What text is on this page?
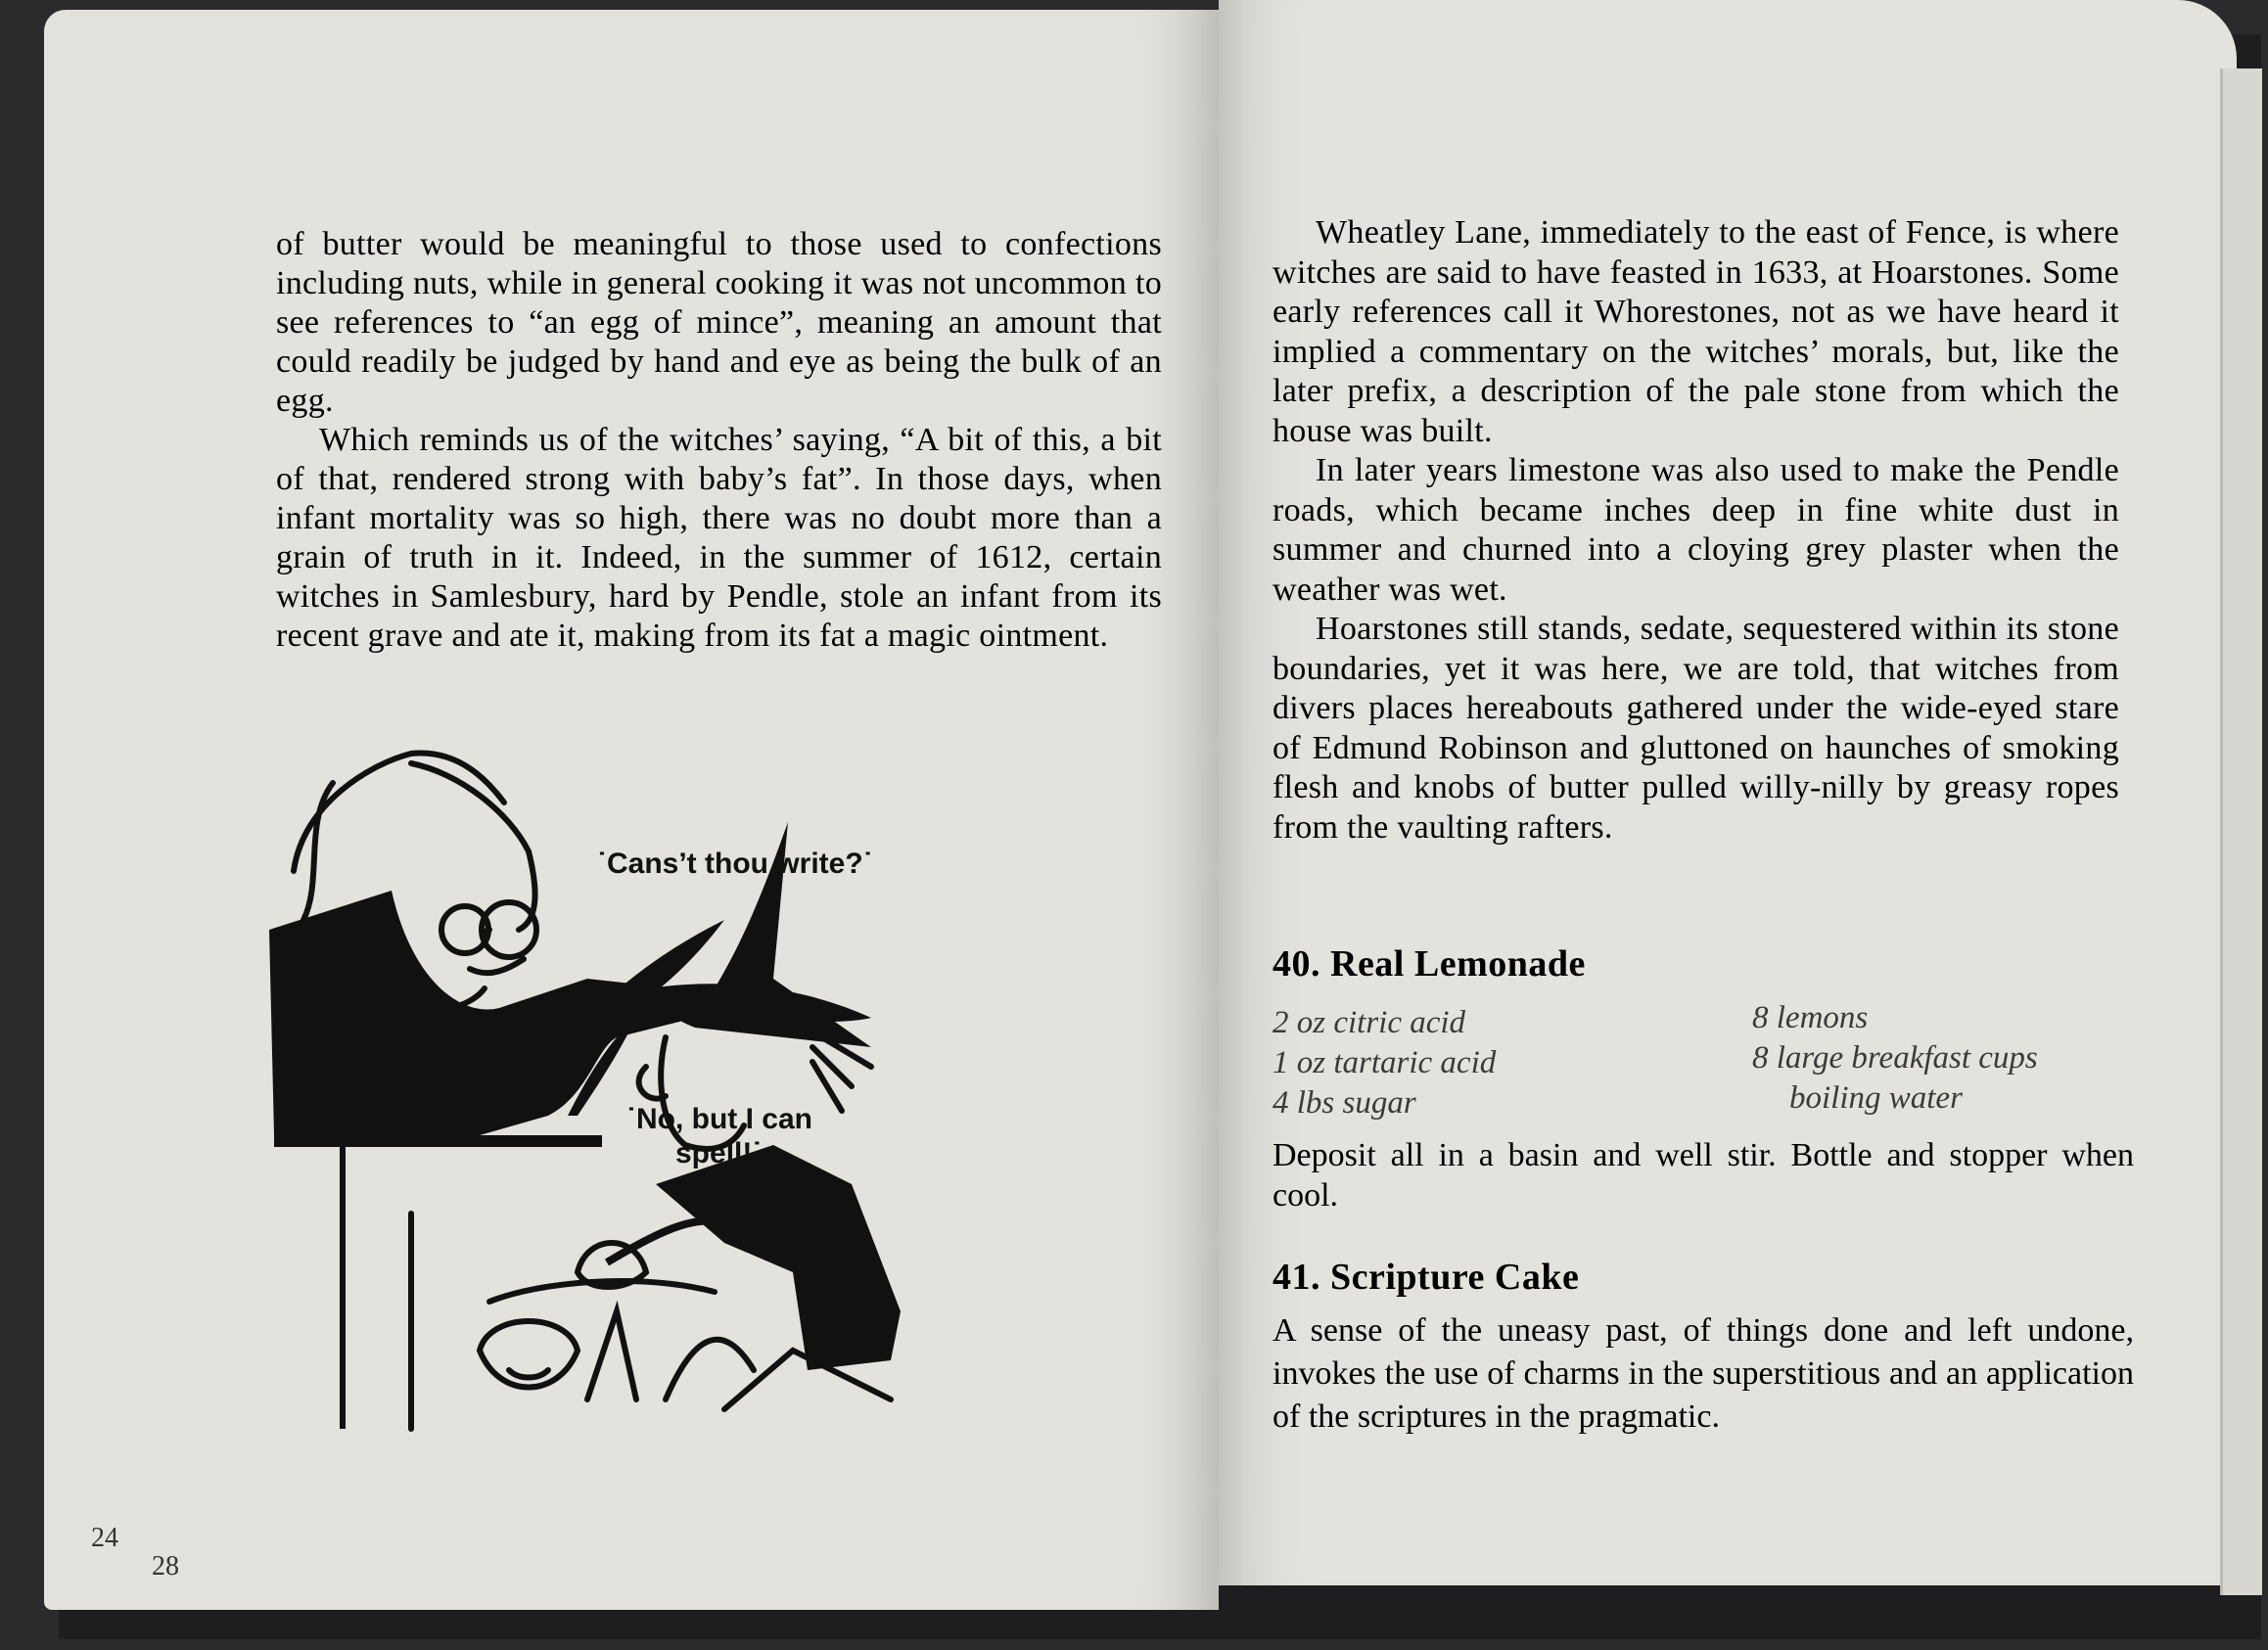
of butter would be meaningful to those used to confections including nuts, while in general cooking it was not uncommon to see references to “an egg of mince”, meaning an amount that could readily be judged by hand and eye as being the bulk of an egg.

Which reminds us of the witches’ saying, “A bit of this, a bit of that, rendered strong with baby’s fat”. In those days, when infant mortality was so high, there was no doubt more than a grain of truth in it. Indeed, in the summer of 1612, certain witches in Samlesbury, hard by Pendle, stole an infant from its recent grave and ate it, making from its fat a magic ointment.

˙Cans’t thou write?˙
˙No, but I can
spell!˙
24
28

Wheatley Lane, immediately to the east of Fence, is where witches are said to have feasted in 1633, at Hoarstones. Some early references call it Whorestones, not as we have heard it implied a commentary on the witches’ morals, but, like the later prefix, a description of the pale stone from which the house was built.

In later years limestone was also used to make the Pendle roads, which became inches deep in fine white dust in summer and churned into a cloying grey plaster when the weather was wet.

Hoarstones still stands, sedate, sequestered within its stone boundaries, yet it was here, we are told, that witches from divers places hereabouts gathered under the wide-eyed stare of Edmund Robinson and gluttoned on haunches of smoking flesh and knobs of butter pulled willy-nilly by greasy ropes from the vaulting rafters.

40. Real Lemonade
2 oz citric acid
1 oz tartaric acid
4 lbs sugar
8 lemons
8 large breakfast cups
boiling water
Deposit all in a basin and well stir. Bottle and stopper when cool.
41. Scripture Cake
A sense of the uneasy past, of things done and left undone, invokes the use of charms in the superstitious and an application of the scriptures in the pragmatic.
